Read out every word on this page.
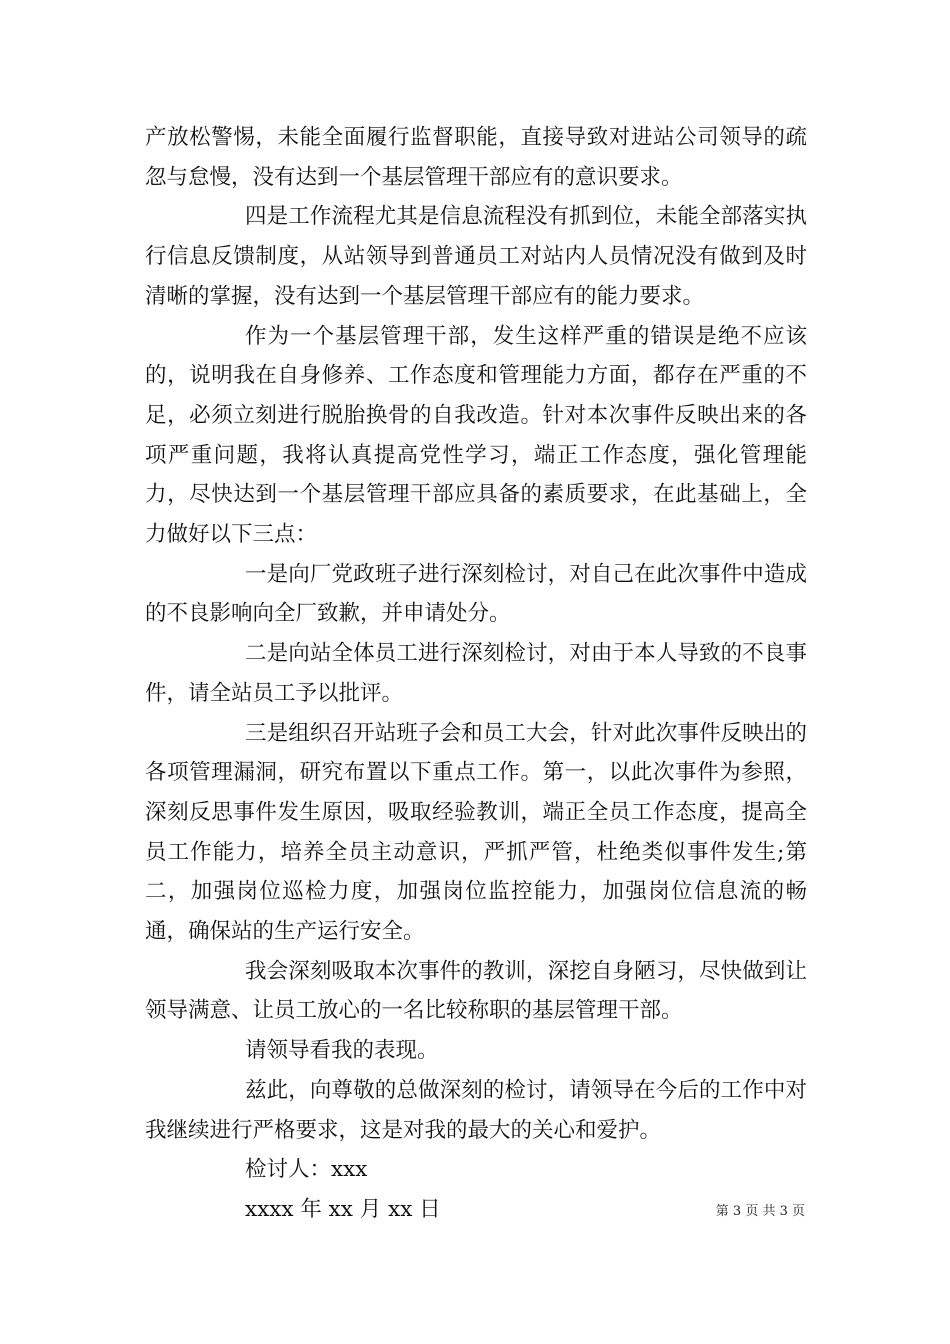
产放松警惕，未能全面履行监督职能，直接导致对进站公司领导的疏忽与怠慢，没有达到一个基层管理干部应有的意识要求。

四是工作流程尤其是信息流程没有抓到位，未能全部落实执行信息反馈制度，从站领导到普通员工对站内人员情况没有做到及时清晰的掌握，没有达到一个基层管理干部应有的能力要求。

作为一个基层管理干部，发生这样严重的错误是绝不应该的，说明我在自身修养、工作态度和管理能力方面，都存在严重的不足，必须立刻进行脱胎换骨的自我改造。针对本次事件反映出来的各项严重问题，我将认真提高党性学习，端正工作态度，强化管理能力，尽快达到一个基层管理干部应具备的素质要求，在此基础上，全力做好以下三点：

一是向厂党政班子进行深刻检讨，对自己在此次事件中造成的不良影响向全厂致歉，并申请处分。

二是向站全体员工进行深刻检讨，对由于本人导致的不良事件，请全站员工予以批评。

三是组织召开站班子会和员工大会，针对此次事件反映出的各项管理漏洞，研究布置以下重点工作。第一，以此次事件为参照，深刻反思事件发生原因，吸取经验教训，端正全员工作态度，提高全员工作能力，培养全员主动意识，严抓严管，杜绝类似事件发生;第二，加强岗位巡检力度，加强岗位监控能力，加强岗位信息流的畅通，确保站的生产运行安全。

我会深刻吸取本次事件的教训，深挖自身陋习，尽快做到让领导满意、让员工放心的一名比较称职的基层管理干部。

请领导看我的表现。

兹此，向尊敬的总做深刻的检讨，请领导在今后的工作中对我继续进行严格要求，这是对我的最大的关心和爱护。

检讨人：xxx

xxxx 年 xx 月 xx 日	第 3 页 共 3 页
